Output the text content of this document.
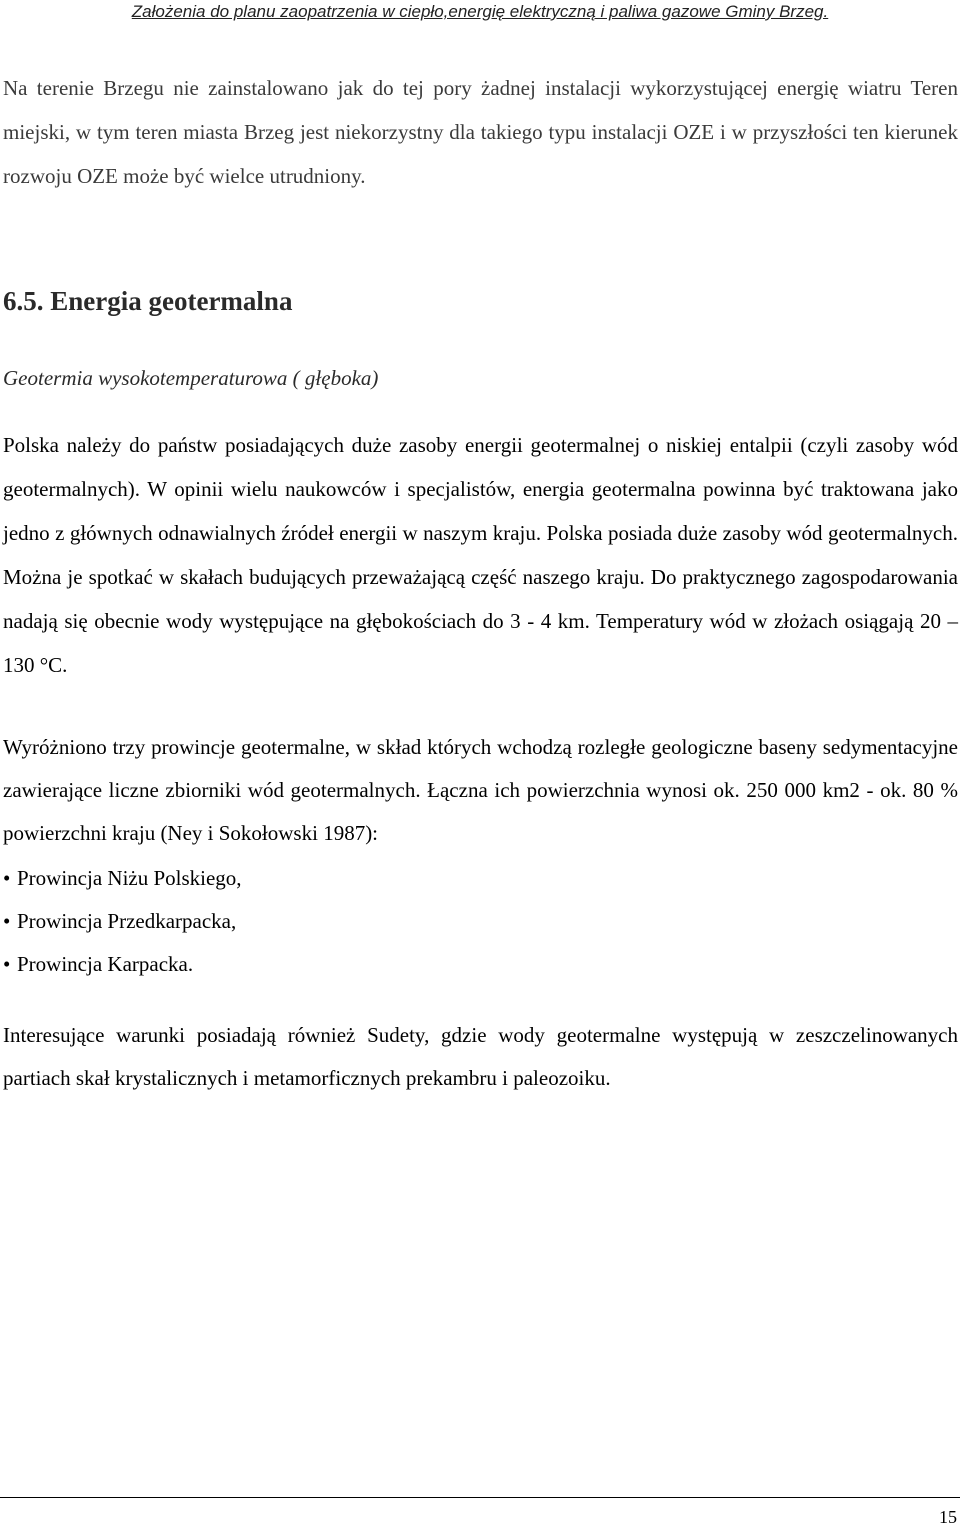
Założenia do planu zaopatrzenia w ciepło,energię elektryczną i paliwa gazowe Gminy Brzeg.

Na terenie Brzegu nie zainstalowano jak do tej pory żadnej instalacji wykorzystującej energię wiatru Teren miejski, w tym teren miasta Brzeg jest niekorzystny dla takiego typu instalacji OZE i w przyszłości ten kierunek rozwoju OZE może być wielce utrudniony.

6.5. Energia geotermalna
Geotermia wysokotemperaturowa ( głęboka)

Polska należy do państw posiadających duże zasoby energii geotermalnej o niskiej entalpii (czyli zasoby wód geotermalnych). W opinii wielu naukowców i specjalistów, energia geotermalna powinna być traktowana jako jedno z głównych odnawialnych źródeł energii w naszym kraju. Polska posiada duże zasoby wód geotermalnych. Można je spotkać w skałach budujących przeważającą część naszego kraju. Do praktycznego zagospodarowania nadają się obecnie wody występujące na głębokościach do 3 - 4 km. Temperatury wód w złożach osiągają 20 – 130 °C.

Wyróżniono trzy prowincje geotermalne, w skład których wchodzą rozległe geologiczne baseny sedymentacyjne zawierające liczne zbiorniki wód geotermalnych. Łączna ich powierzchnia wynosi ok. 250 000 km2 - ok. 80 % powierzchni kraju (Ney i Sokołowski 1987):

• Prowincja Niżu Polskiego,
• Prowincja Przedkarpacka,
• Prowincja Karpacka.

Interesujące warunki posiadają również Sudety, gdzie wody geotermalne występują w zeszczelinowanych partiach skał krystalicznych i metamorficznych prekambru i paleozoiku.

15
